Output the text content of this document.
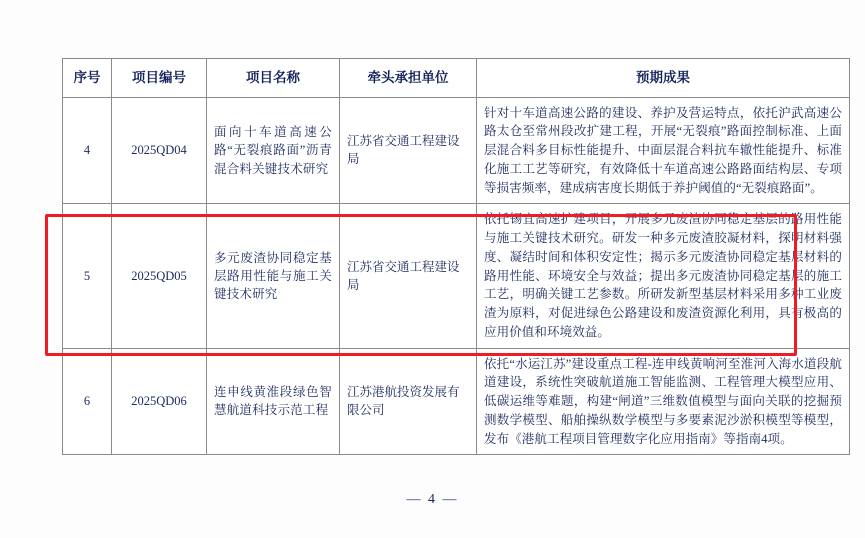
序号	项目编号	项目名称	牵头承担单位	预期成果
4	2025QD04	面向十车道高速公路“无裂痕路面”沥青混合料关键技术研究	江苏省交通工程建设局	针对十车道高速公路的建设、养护及营运特点，依托沪武高速公路太仓至常州段改扩建工程，开展“无裂痕”路面控制标准、上面层混合料多目标性能提升、中面层混合料抗车辙性能提升、标准化施工工艺等研究，有效降低十车道高速公路路面结构层、专项等损害频率，建成病害度长期低于养护阈值的“无裂痕路面”。
5	2025QD05	多元废渣协同稳定基层路用性能与施工关键技术研究	江苏省交通工程建设局	依托锡宜高速扩建项目，开展多元废渣协同稳定基层的路用性能与施工关键技术研究。研发一种多元废渣胶凝材料，探明材料强度、凝结时间和体积安定性；揭示多元废渣协同稳定基层材料的路用性能、环境安全与效益；提出多元废渣协同稳定基层的施工工艺，明确关键工艺参数。所研发新型基层材料采用多种工业废渣为原料，对促进绿色公路建设和废渣资源化利用，具有极高的应用价值和环境效益。
6	2025QD06	连申线黄淮段绿色智慧航道科技示范工程	江苏港航投资发展有限公司	依托“水运江苏”建设重点工程-连申线黄响河至淮河入海水道段航道建设，系统性突破航道施工智能监测、工程管理大模型应用、低碳运维等难题，构建“闸道”三维数值模型与面向关联的挖掘预测数学模型、船舶操纵数学模型与多要素泥沙淤积模型等模型，发布《港航工程项目管理数字化应用指南》等指南4项。
— 4 —
